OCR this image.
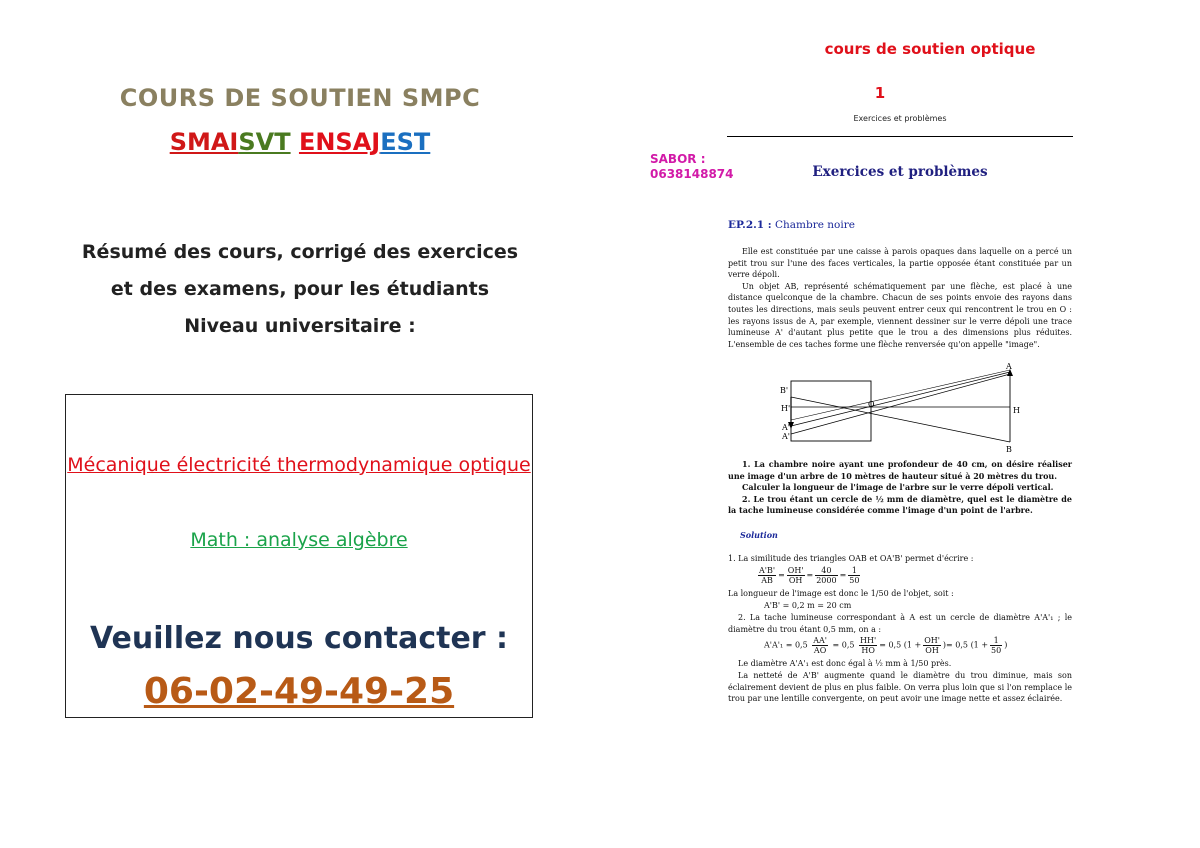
COURS DE SOUTIEN SMPC
SMAISVT ENSAJEST
Résumé des cours, corrigé des exercices
et des examens, pour les étudiants
Niveau universitaire :
Mécanique électricité thermodynamique optique
Math : analyse algèbre
Veuillez nous contacter :
06-02-49-49-25
cours de soutien optique
1
Exercices et problèmes
SABOR :
0638148874	Exercices et problèmes
EP.2.1 : Chambre noire

Elle est constituée par une caisse à parois opaques dans laquelle on a percé un petit trou sur l'une des faces verticales, la partie opposée étant constituée par un verre dépoli.

Un objet AB, représenté schématiquement par une flèche, est placé à une distance quelconque de la chambre. Chacun de ses points envoie des rayons dans toutes les directions, mais seuls peuvent entrer ceux qui rencontrent le trou en O : les rayons issus de A, par exemple, viennent dessiner sur le verre dépoli une trace lumineuse A' d'autant plus petite que le trou a des dimensions plus réduites. L'ensemble de ces taches forme une flèche renversée qu'on appelle "image".

B'
H'
A'
A'
O
A
H
B

1. La chambre noire ayant une profondeur de 40 cm, on désire réaliser une image d'un arbre de 10 mètres de hauteur situé à 20 mètres du trou.

Calculer la longueur de l'image de l'arbre sur le verre dépoli vertical.

2. Le trou étant un cercle de ½ mm de diamètre, quel est le diamètre de la tache lumineuse considérée comme l'image d'un point de l'arbre.

Solution
1. La similitude des triangles OAB et OA'B' permet d'écrire :
$\frac{A'B'}{AB} = \frac{OH'}{OH} = \frac{40}{2000} = \frac{1}{50}$
La longueur de l'image est donc le 1/50 de l'objet, soit :
A'B' = 0,2 m = 20 cm

2. La tache lumineuse correspondant à A est un cercle de diamètre A'A'₁ ; le diamètre du trou étant 0,5 mm, on a :

$A'A'_1 = 0,5 \frac{AA'}{AO} = 0,5 \frac{HH'}{HO} = 0,5$ ($1 + \frac{OH'}{OH}$ )= 0,5 ($1 + \frac{1}{50}$ )

Le diamètre A'A'₁ est donc égal à ½ mm à 1/50 près.

La netteté de A'B' augmente quand le diamètre du trou diminue, mais son éclairement devient de plus en plus faible. On verra plus loin que si l'on remplace le trou par une lentille convergente, on peut avoir une image nette et assez éclairée.
